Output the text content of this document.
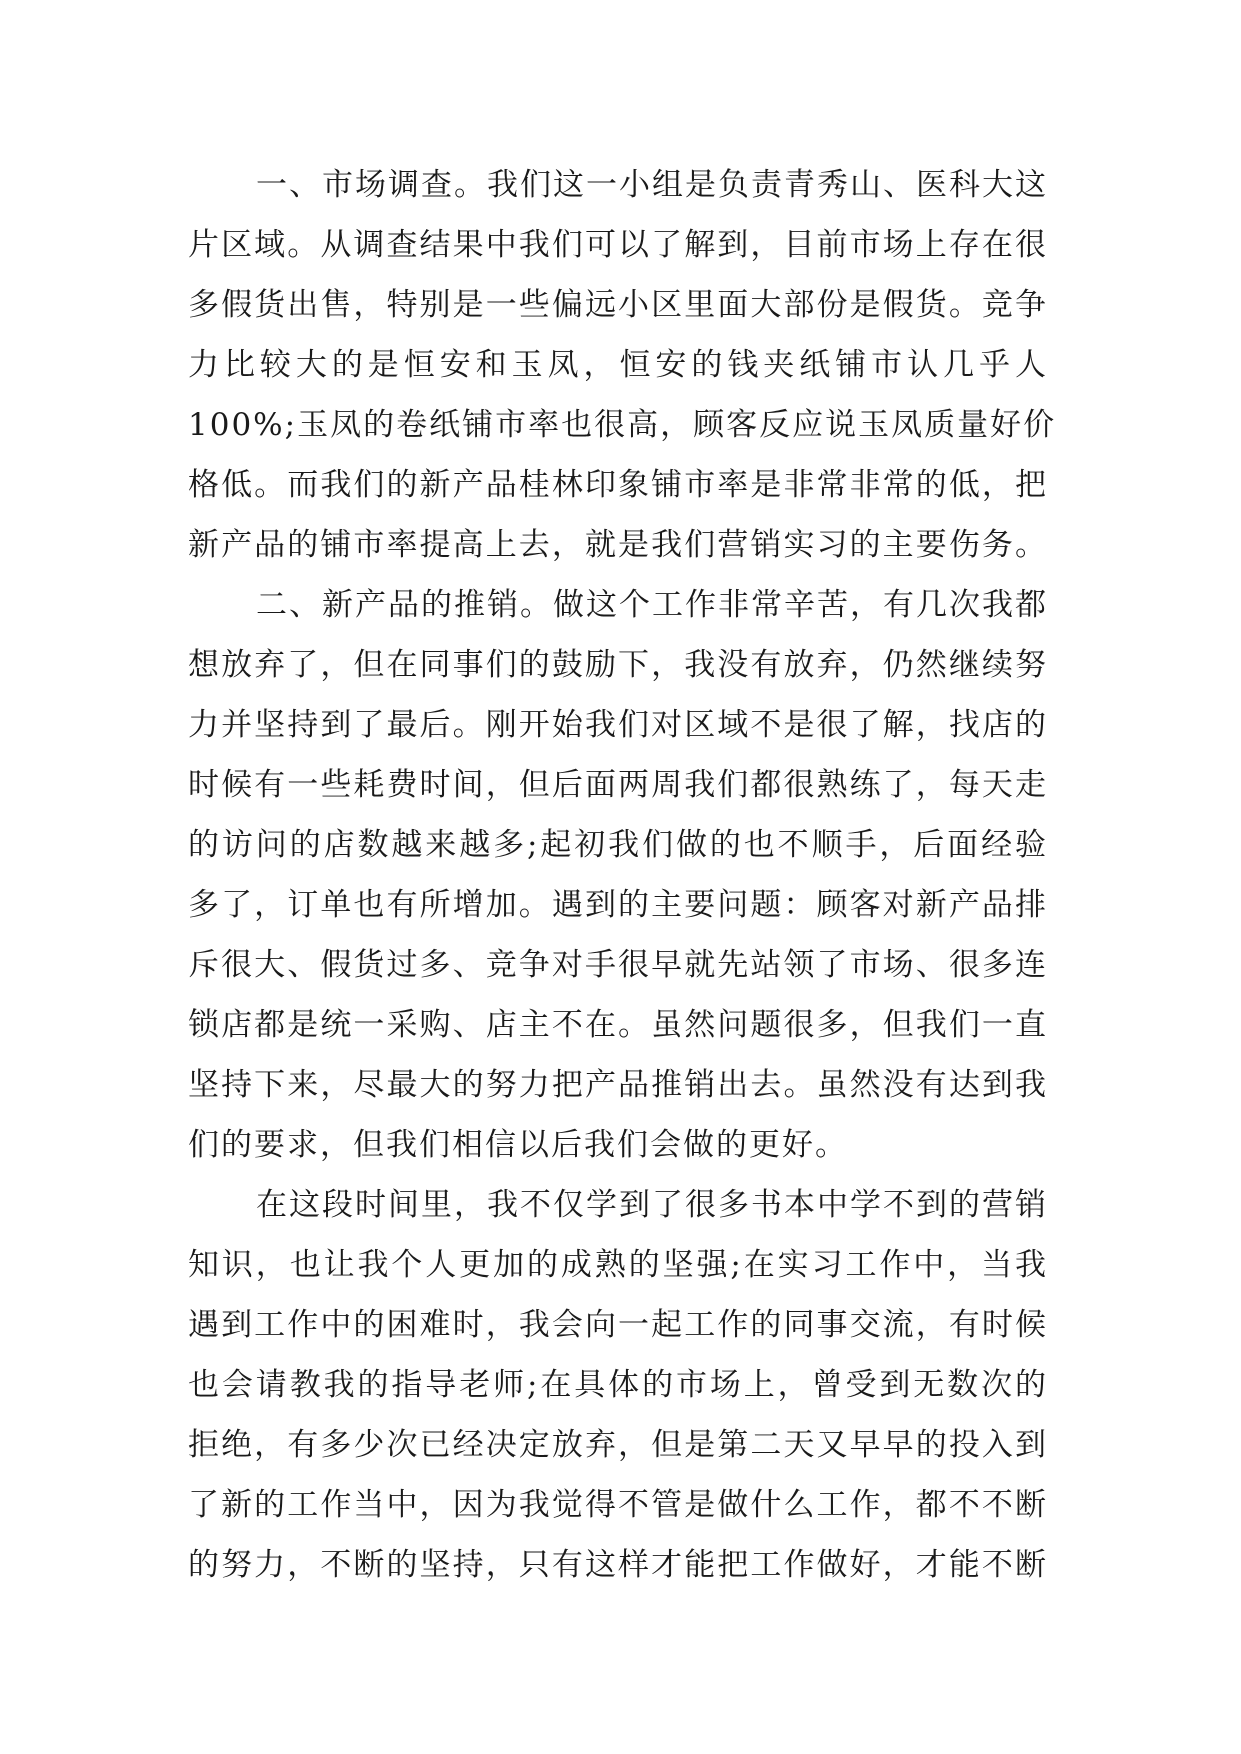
一、市场调查。我们这一小组是负责青秀山、医科大这
片区域。从调查结果中我们可以了解到，目前市场上存在很
多假货出售，特别是一些偏远小区里面大部份是假货。竞争
力比较大的是恒安和玉凤，恒安的钱夹纸铺市认几乎人
100%;玉凤的卷纸铺市率也很高，顾客反应说玉凤质量好价
格低。而我们的新产品桂林印象铺市率是非常非常的低，把
新产品的铺市率提高上去，就是我们营销实习的主要伤务。
二、新产品的推销。做这个工作非常辛苦，有几次我都
想放弃了，但在同事们的鼓励下，我没有放弃，仍然继续努
力并坚持到了最后。刚开始我们对区域不是很了解，找店的
时候有一些耗费时间，但后面两周我们都很熟练了，每天走
的访问的店数越来越多;起初我们做的也不顺手，后面经验
多了，订单也有所增加。遇到的主要问题：顾客对新产品排
斥很大、假货过多、竞争对手很早就先站领了市场、很多连
锁店都是统一采购、店主不在。虽然问题很多，但我们一直
坚持下来，尽最大的努力把产品推销出去。虽然没有达到我
们的要求，但我们相信以后我们会做的更好。
在这段时间里，我不仅学到了很多书本中学不到的营销
知识，也让我个人更加的成熟的坚强;在实习工作中，当我
遇到工作中的困难时，我会向一起工作的同事交流，有时候
也会请教我的指导老师;在具体的市场上，曾受到无数次的
拒绝，有多少次已经决定放弃，但是第二天又早早的投入到
了新的工作当中，因为我觉得不管是做什么工作，都不不断
的努力，不断的坚持，只有这样才能把工作做好，才能不断
